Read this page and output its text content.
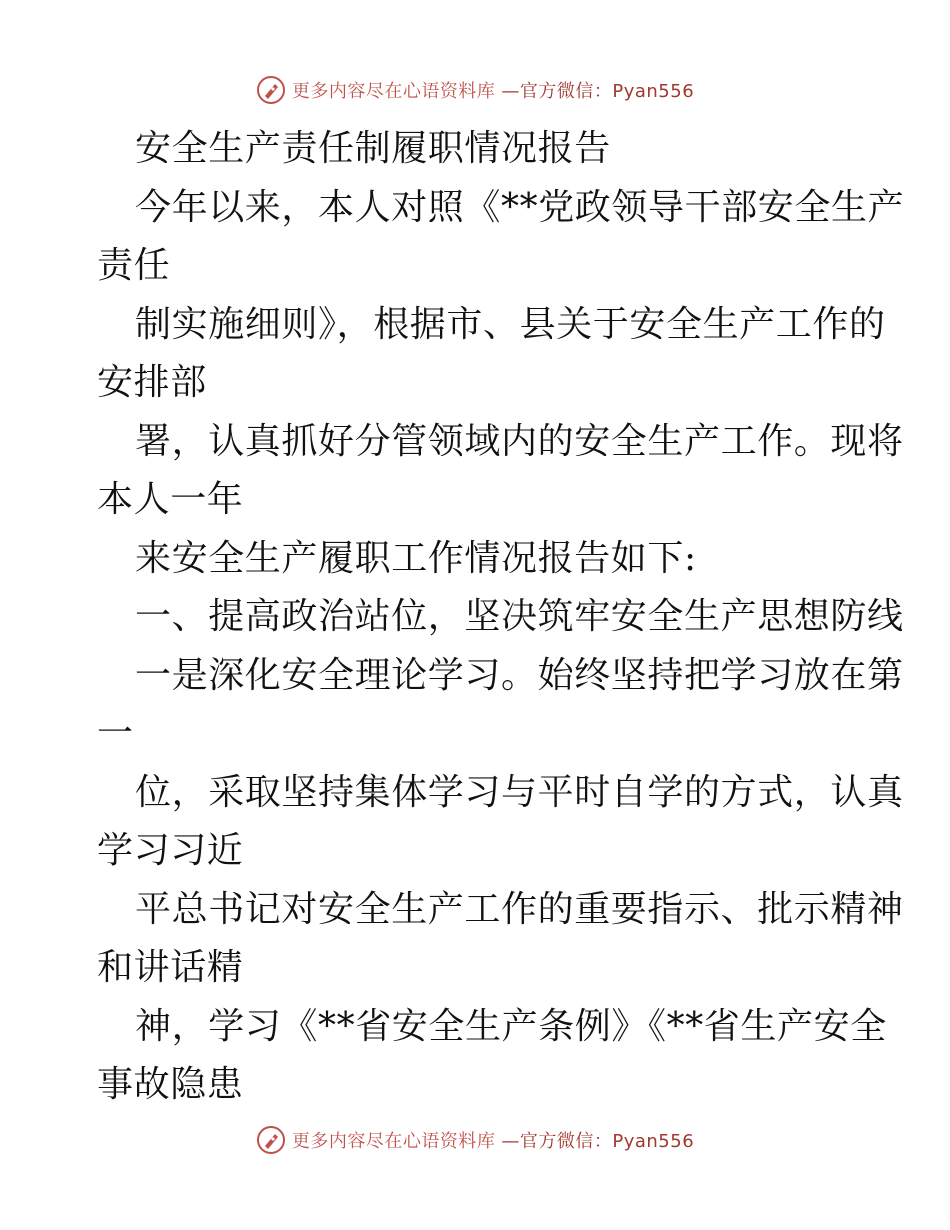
更多内容尽在心语资料库 —官方微信：Pyan556
安全生产责任制履职情况报告
今年以来，本人对照《**党政领导干部安全生产
责任
制实施细则》，根据市、县关于安全生产工作的
安排部
署，认真抓好分管领域内的安全生产工作。现将
本人一年
来安全生产履职工作情况报告如下:
一、提高政治站位，坚决筑牢安全生产思想防线
一是深化安全理论学习。始终坚持把学习放在第
一
位，采取坚持集体学习与平时自学的方式，认真
学习习近
平总书记对安全生产工作的重要指示、批示精神
和讲话精
神，学习《**省安全生产条例》《**省生产安全
事故隐患
更多内容尽在心语资料库 —官方微信：Pyan556
